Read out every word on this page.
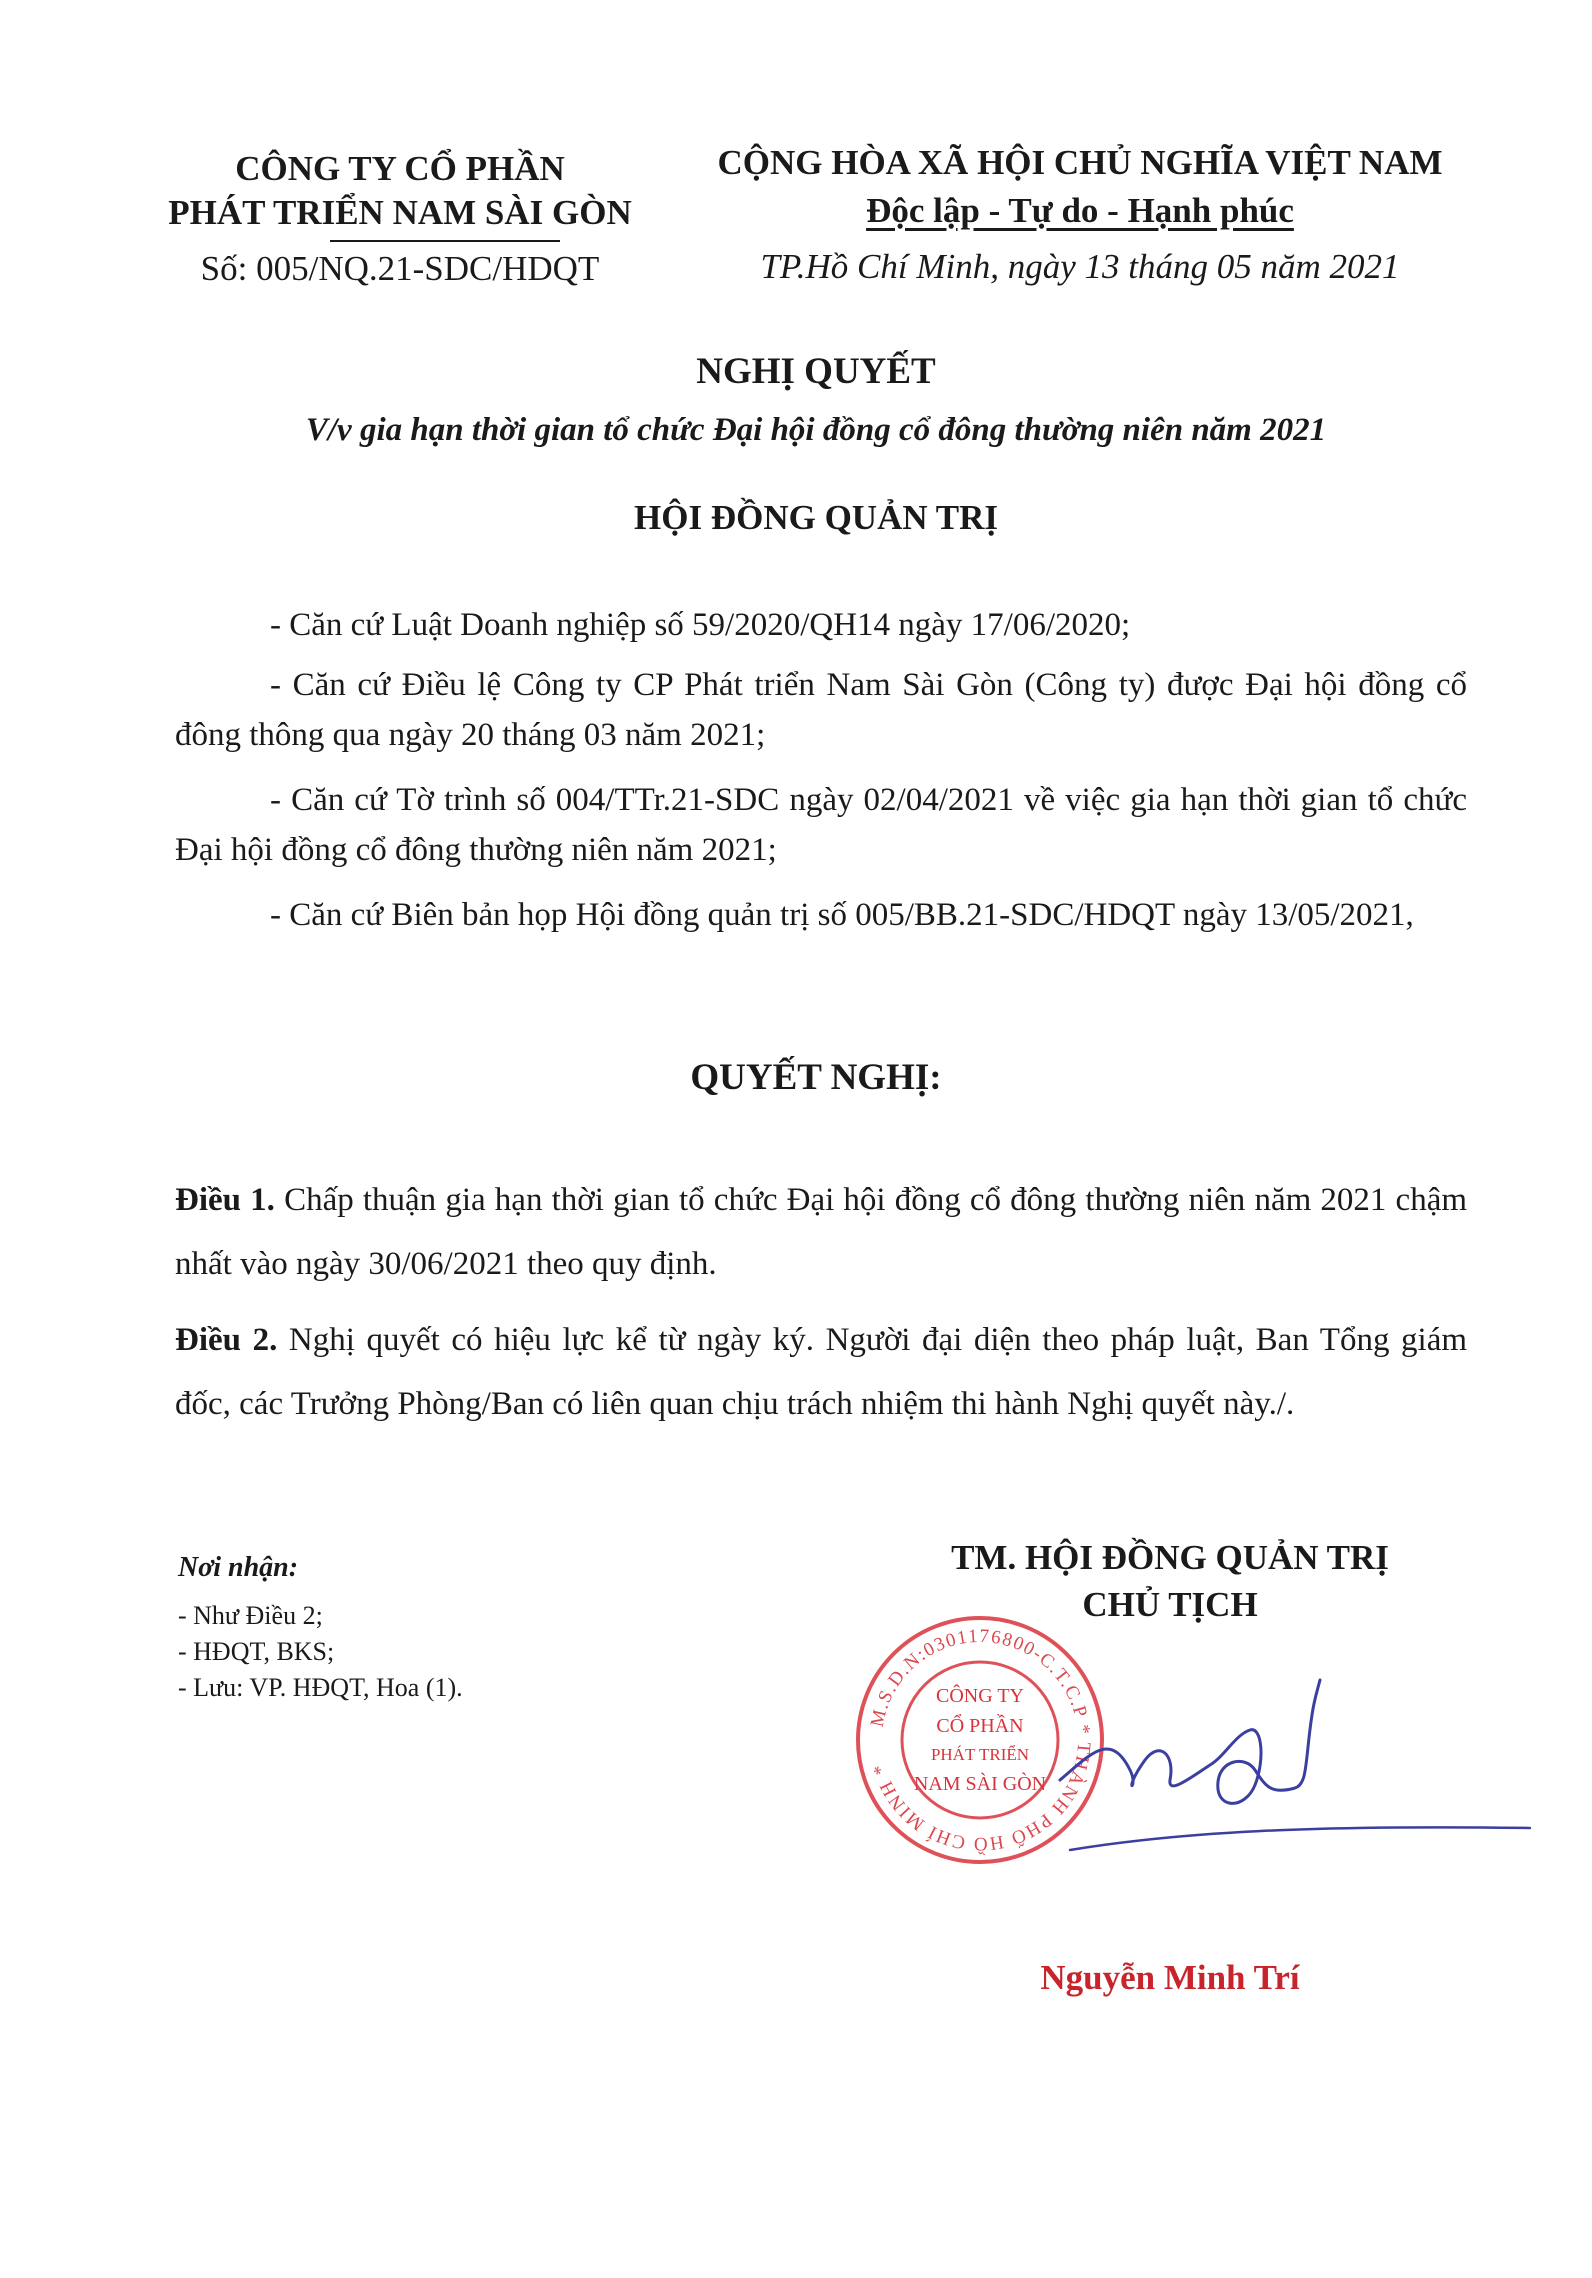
CÔNG TY CỔ PHẦN
PHÁT TRIỂN NAM SÀI GÒN
Số: 005/NQ.21-SDC/HDQT
CỘNG HÒA XÃ HỘI CHỦ NGHĨA VIỆT NAM
Độc lập - Tự do - Hạnh phúc
TP.Hồ Chí Minh, ngày 13 tháng 05 năm 2021
NGHỊ QUYẾT
V/v gia hạn thời gian tổ chức Đại hội đồng cổ đông thường niên năm 2021
HỘI ĐỒNG QUẢN TRỊ
- Căn cứ Luật Doanh nghiệp số 59/2020/QH14 ngày 17/06/2020;
- Căn cứ Điều lệ Công ty CP Phát triển Nam Sài Gòn (Công ty) được Đại hội đồng cổ đông thông qua ngày 20 tháng 03 năm 2021;
- Căn cứ Tờ trình số 004/TTr.21-SDC ngày 02/04/2021 về việc gia hạn thời gian tổ chức Đại hội đồng cổ đông thường niên năm 2021;
- Căn cứ Biên bản họp Hội đồng quản trị số 005/BB.21-SDC/HDQT ngày 13/05/2021,
QUYẾT NGHỊ:
Điều 1. Chấp thuận gia hạn thời gian tổ chức Đại hội đồng cổ đông thường niên năm 2021 chậm nhất vào ngày 30/06/2021 theo quy định.
Điều 2. Nghị quyết có hiệu lực kể từ ngày ký. Người đại diện theo pháp luật, Ban Tổng giám đốc, các Trưởng Phòng/Ban có liên quan chịu trách nhiệm thi hành Nghị quyết này./.
Nơi nhận:
- Như Điều 2;
- HĐQT, BKS;
- Lưu: VP. HĐQT, Hoa (1).
TM. HỘI ĐỒNG QUẢN TRỊ
CHỦ TỊCH
M.S.D.N:0301176800-C.T.C.P * THÀNH PHỐ HỒ CHÍ MINH *
CÔNG TY
CỔ PHẦN
PHÁT TRIỂN
NAM SÀI GÒN
Nguyễn Minh Trí
